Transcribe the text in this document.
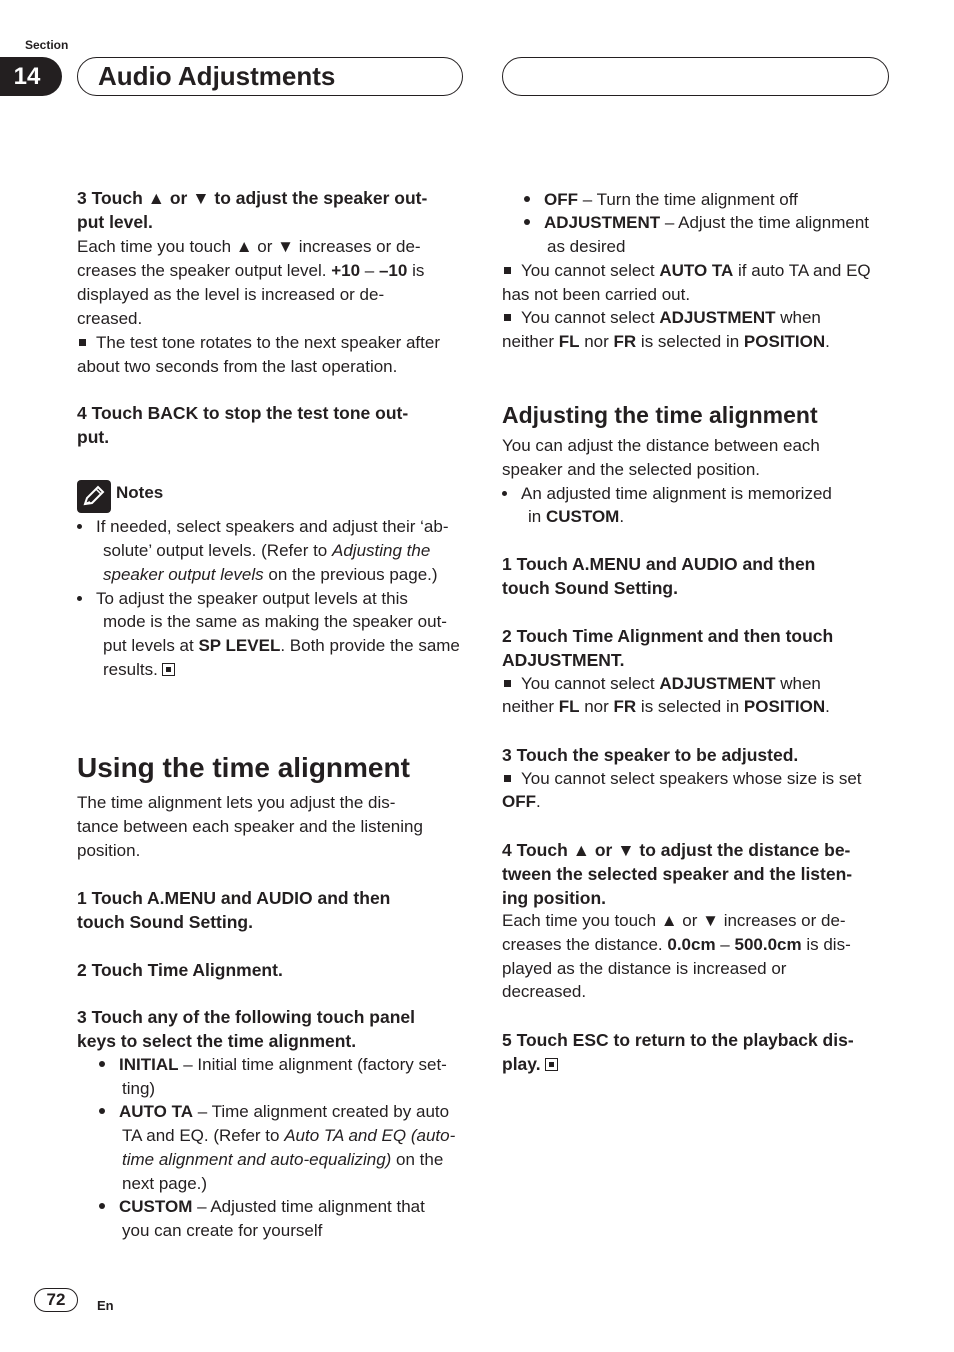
Section
14	Audio Adjustments
3 Touch ▲ or ▼ to adjust the speaker out-
put level.
Each time you touch ▲ or ▼ increases or de-
creases the speaker output level. +10 – –10 is
displayed as the level is increased or de-
creased.
The test tone rotates to the next speaker after
about two seconds from the last operation.
4 Touch BACK to stop the test tone out-
put.
Notes
If needed, select speakers and adjust their ‘ab-
solute’ output levels. (Refer to Adjusting the
speaker output levels on the previous page.)
To adjust the speaker output levels at this
mode is the same as making the speaker out-
put levels at SP LEVEL. Both provide the same
results.
Using the time alignment
The time alignment lets you adjust the dis-
tance between each speaker and the listening
position.
1 Touch A.MENU and AUDIO and then
touch Sound Setting.
2 Touch Time Alignment.
3 Touch any of the following touch panel
keys to select the time alignment.
INITIAL – Initial time alignment (factory set-
ting)
AUTO TA – Time alignment created by auto
TA and EQ. (Refer to Auto TA and EQ (auto-
time alignment and auto-equalizing) on the
next page.)
CUSTOM – Adjusted time alignment that
you can create for yourself
OFF – Turn the time alignment off
ADJUSTMENT – Adjust the time alignment
as desired
You cannot select AUTO TA if auto TA and EQ
has not been carried out.
You cannot select ADJUSTMENT when
neither FL nor FR is selected in POSITION.
Adjusting the time alignment
You can adjust the distance between each
speaker and the selected position.
An adjusted time alignment is memorized
in CUSTOM.
1 Touch A.MENU and AUDIO and then
touch Sound Setting.
2 Touch Time Alignment and then touch
ADJUSTMENT.
You cannot select ADJUSTMENT when
neither FL nor FR is selected in POSITION.
3 Touch the speaker to be adjusted.
You cannot select speakers whose size is set
OFF.
4 Touch ▲ or ▼ to adjust the distance be-
tween the selected speaker and the listen-
ing position.
Each time you touch ▲ or ▼ increases or de-
creases the distance. 0.0cm – 500.0cm is dis-
played as the distance is increased or
decreased.
5 Touch ESC to return to the playback dis-
play.
72	En
